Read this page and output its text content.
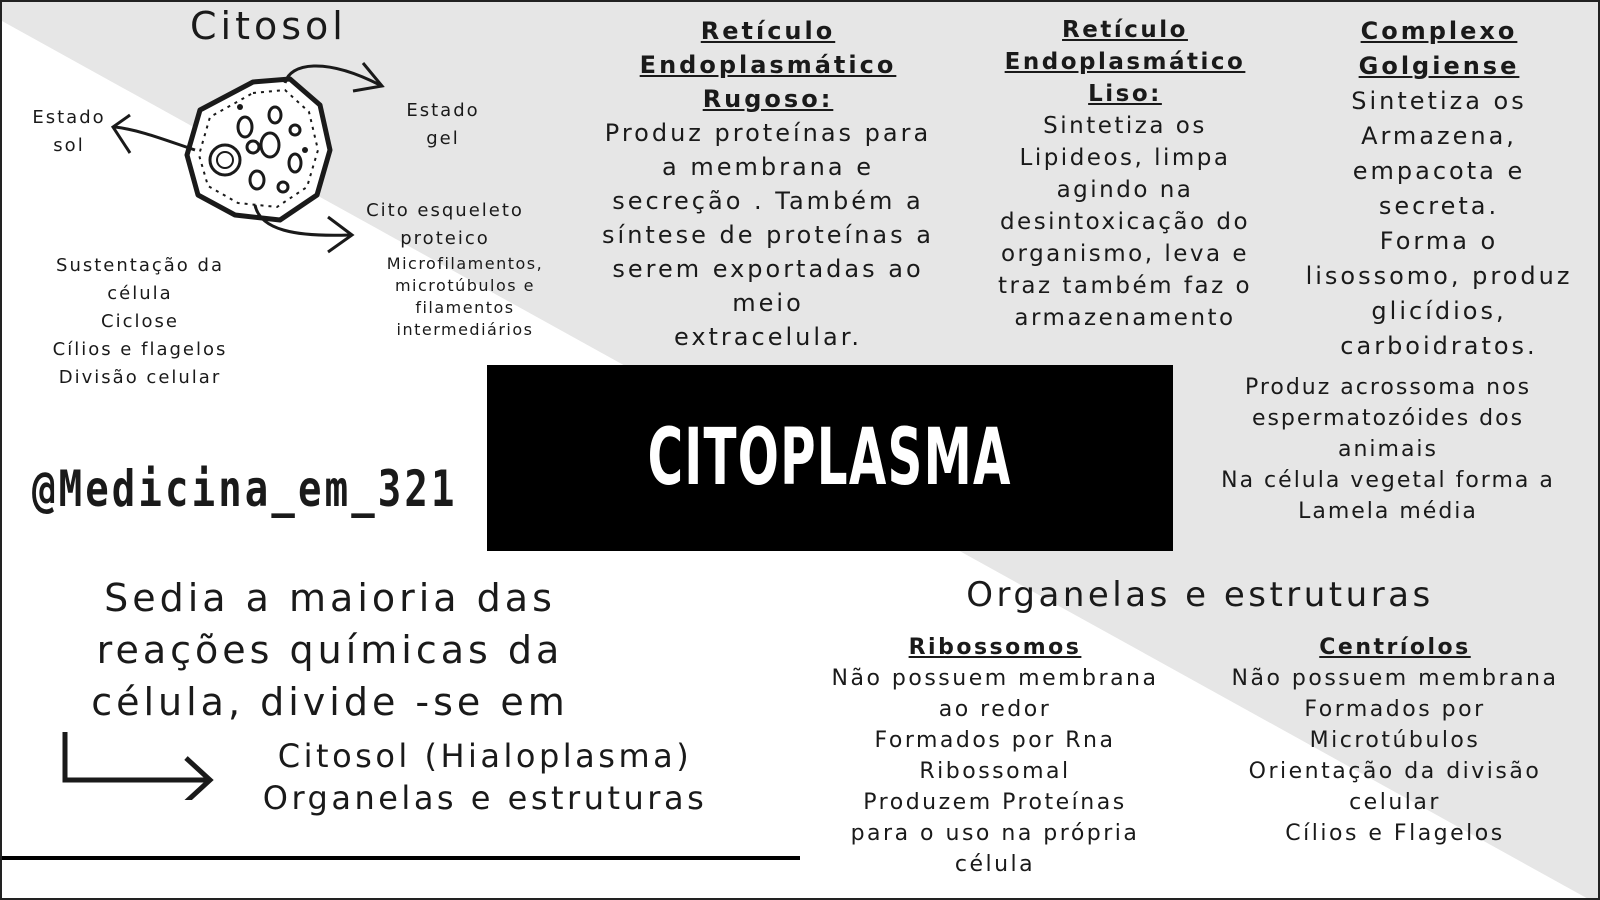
Citosol
Estado
sol
Estado
gel
Cito esqueleto
proteico
Microfilamentos,
microtúbulos e
filamentos
intermediários
Sustentação da
célula
Ciclose
Cílios e flagelos
Divisão celular
Retículo
Endoplasmático
Rugoso:
Produz proteínas para
a membrana e
secreção . Também a
síntese de proteínas a
serem exportadas ao
meio
extracelular.
Retículo
Endoplasmático
Liso:
Sintetiza os
Lipideos, limpa
agindo na
desintoxicação do
organismo, leva e
traz também faz o
armazenamento
Complexo
Golgiense
Sintetiza os
Armazena,
empacota e
secreta.
Forma o
lisossomo, produz
glicídios,
carboidratos.
Produz acrossoma nos
espermatozóides dos
animais
Na célula vegetal forma a
Lamela média
CITOPLASMA
@Medicina_em_321
Sedia a maioria das
reações químicas da
célula, divide -se em
Citosol (Hialoplasma)
Organelas e estruturas
Organelas e estruturas
Ribossomos
Não possuem membrana
ao redor
Formados por Rna
Ribossomal
Produzem Proteínas
para o uso na própria
célula
Centríolos
Não possuem membrana
Formados por
Microtúbulos
Orientação da divisão
celular
Cílios e Flagelos
